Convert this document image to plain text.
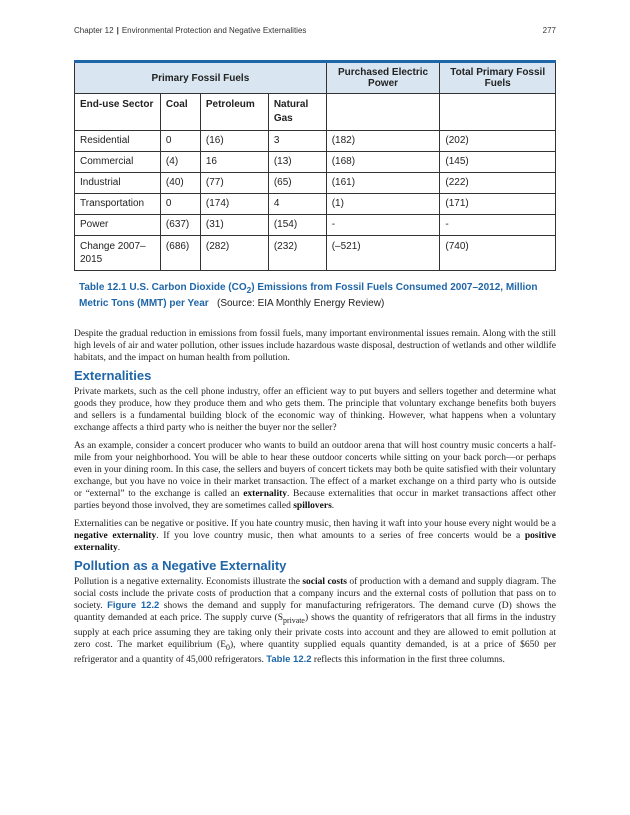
Chapter 12 | Environmental Protection and Negative Externalities	277
Primary Fossil Fuels				Purchased Electric Power	Total Primary Fossil Fuels
End-use Sector	Coal	Petroleum	Natural Gas		
Residential	0	(16)	3	(182)	(202)
Commercial	(4)	16	(13)	(168)	(145)
Industrial	(40)	(77)	(65)	(161)	(222)
Transportation	0	(174)	4	(1)	(171)
Power	(637)	(31)	(154)	-	-
Change 2007–2015	(686)	(282)	(232)	(–521)	(740)
Table 12.1 U.S. Carbon Dioxide $(CO_2)$ Emissions from Fossil Fuels Consumed 2007–2012, Million Metric Tons (MMT) per Year (Source: EIA Monthly Energy Review)

Despite the gradual reduction in emissions from fossil fuels, many important environmental issues remain. Along with the still high levels of air and water pollution, other issues include hazardous waste disposal, destruction of wetlands and other wildlife habitats, and the impact on human health from pollution.

Externalities

Private markets, such as the cell phone industry, offer an efficient way to put buyers and sellers together and determine what goods they produce, how they produce them and who gets them. The principle that voluntary exchange benefits both buyers and sellers is a fundamental building block of the economic way of thinking. However, what happens when a voluntary exchange affects a third party who is neither the buyer nor the seller?

As an example, consider a concert producer who wants to build an outdoor arena that will host country music concerts a half-mile from your neighborhood. You will be able to hear these outdoor concerts while sitting on your back porch—or perhaps even in your dining room. In this case, the sellers and buyers of concert tickets may both be quite satisfied with their voluntary exchange, but you have no voice in their market transaction. The effect of a market exchange on a third party who is outside or “external” to the exchange is called an externality. Because externalities that occur in market transactions affect other parties beyond those involved, they are sometimes called spillovers.

Externalities can be negative or positive. If you hate country music, then having it waft into your house every night would be a negative externality. If you love country music, then what amounts to a series of free concerts would be a positive externality.

Pollution as a Negative Externality

Pollution is a negative externality. Economists illustrate the social costs of production with a demand and supply diagram. The social costs include the private costs of production that a company incurs and the external costs of pollution that pass on to society. Figure 12.2 shows the demand and supply for manufacturing refrigerators. The demand curve (D) shows the quantity demanded at each price. The supply curve $(S_{private})$ shows the quantity of refrigerators that all firms in the industry supply at each price assuming they are taking only their private costs into account and they are allowed to emit pollution at zero cost. The market equilibrium $(E_0)$, where quantity supplied equals quantity demanded, is at a price of $650 per refrigerator and a quantity of 45,000 refrigerators. Table 12.2 reflects this information in the first three columns.
